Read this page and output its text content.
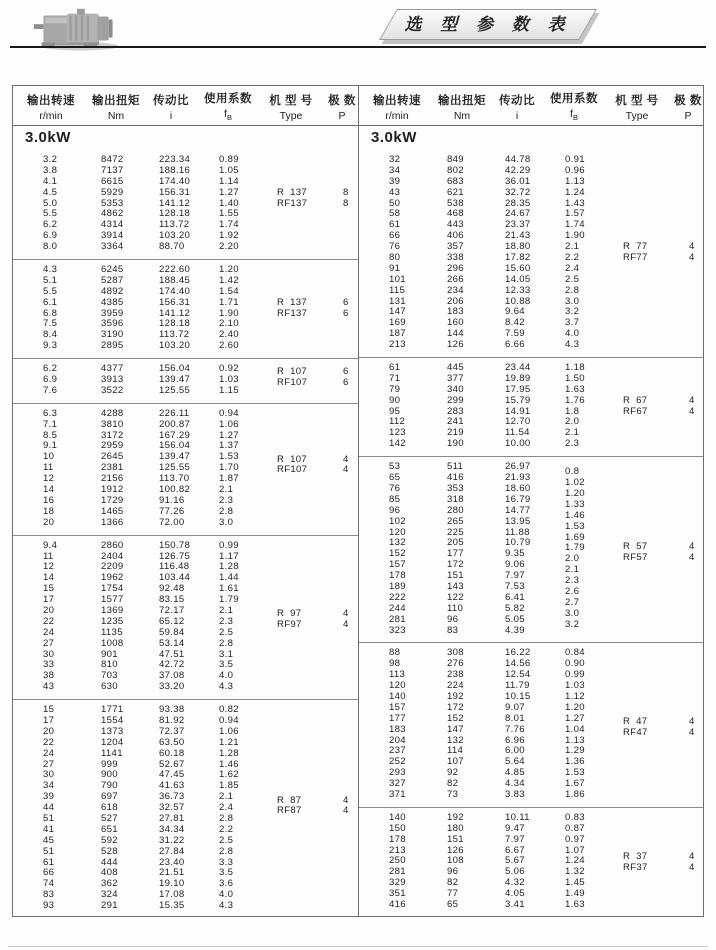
选 型 参 数 表
输出转速
r/min
输出扭矩
Nm
传动比
i
使用系数
$f_B$
机 型 号
Type
极 数
P
3.0kW
3.2
3.8
4.1
4.5
5.0
5.5
6.2
6.9
8.0
8472
7137
6615
5929
5353
4862
4314
3914
3364
223.34
188.16
174.40
156.31
141.12
128.18
113.72
103.20
88.70
0.89
1.05
1.14
1.27
1.40
1.55
1.74
1.92
2.20
R  137
RF137
8
8
4.3
5.1
5.5
6.1
6.8
7.5
8.4
9.3
6245
5287
4892
4385
3959
3596
3190
2895
222.60
188.45
174.40
156.31
141.12
128.18
113.72
103.20
1.20
1.42
1.54
1.71
1.90
2.10
2.40
2.60
R  137
RF137
6
6
6.2
6.9
7.6
4377
3913
3522
156.04
139.47
125.55
0.92
1.03
1.15
R  107
RF107
6
6
6.3
7.1
8.5
9.1
10
11
12
14
16
18
20
4288
3810
3172
2959
2645
2381
2156
1912
1729
1465
1366
226.11
200.87
167.29
156.04
139.47
125.55
113.70
100.82
91.16
77.26
72.00
0.94
1.06
1.27
1.37
1.53
1.70
1.87
2.1
2.3
2.8
3.0
R  107
RF107
4
4
9.4
11
12
14
15
17
20
22
24
27
30
33
38
43
2860
2404
2209
1962
1754
1577
1369
1235
1135
1008
901
810
703
630
150.78
126.75
116.48
103.44
92.48
83.15
72.17
65.12
59.84
53.14
47.51
42.72
37.08
33.20
0.99
1.17
1.28
1.44
1.61
1.79
2.1
2.3
2.5
2.8
3.1
3.5
4.0
4.3
R  97
RF97
4
4
15
17
20
22
24
27
30
34
39
44
51
41
45
51
61
66
74
83
93
1771
1554
1373
1204
1141
999
900
790
697
618
527
651
592
528
444
408
362
324
291
93.38
81.92
72.37
63.50
60.18
52.67
47.45
41.63
36.73
32.57
27.81
34.34
31.22
27.84
23.40
21.51
19.10
17.08
15.35
0.82
0.94
1.06
1.21
1.28
1.46
1.62
1.85
2.1
2.4
2.8
2.2
2.5
2.8
3.3
3.5
3.6
4.0
4.3
R  87
RF87
4
4
输出转速
r/min
输出扭矩
Nm
传动比
i
使用系数
$f_B$
机 型 号
Type
极 数
P
3.0kW
32
34
39
43
50
58
61
66
76
80
91
101
115
131
147
169
187
213
849
802
683
621
538
468
443
406
357
338
296
266
234
206
183
160
144
126
44.78
42.29
36.01
32.72
28.35
24.67
23.37
21.43
18.80
17.82
15.60
14.05
12.33
10.88
9.64
8.42
7.59
6.66
0.91
0.96
1.13
1.24
1.43
1.57
1.74
1.90
2.1
2.2
2.4
2.5
2.8
3.0
3.2
3.7
4.0
4.3
R  77
RF77
4
4
61
71
79
90
95
112
123
142
445
377
340
299
283
241
219
190
23.44
19.89
17.95
15.79
14.91
12.70
11.54
10.00
1.18
1.50
1.63
1.76
1.8
2.0
2.1
2.3
R  67
RF67
4
4
53
65
76
85
96
102
120
132
152
157
178
189
222
244
281
323
511
416
353
318
280
265
225
205
177
172
151
143
122
110
96
83
26.97
21.93
18.60
16.79
14.77
13.95
11.88
10.79
9.35
9.06
7.97
7.53
6.41
5.82
5.05
4.39
0.8
1.02
1.20
1.33
1.46
1.53
1.69
1.79
2.0
2.1
2.3
2.6
2.7
3.0
3.2
R  57
RF57
4
4
88
98
113
120
140
157
177
183
204
237
252
293
327
371
308
276
238
224
192
172
152
147
132
114
107
92
82
73
16.22
14.56
12.54
11.79
10.15
9.07
8.01
7.76
6.96
6.00
5.64
4.85
4.34
3.83
0.84
0.90
0.99
1.03
1.12
1.20
1.27
1.04
1.13
1.29
1.36
1.53
1.67
1.86
R  47
RF47
4
4
140
150
178
213
250
281
329
351
416
192
180
151
126
108
96
82
77
65
10.11
9.47
7.97
6.67
5.67
5.06
4.32
4.05
3.41
0.83
0.87
0.97
1.07
1.24
1.32
1.45
1.49
1.63
R  37
RF37
4
4
